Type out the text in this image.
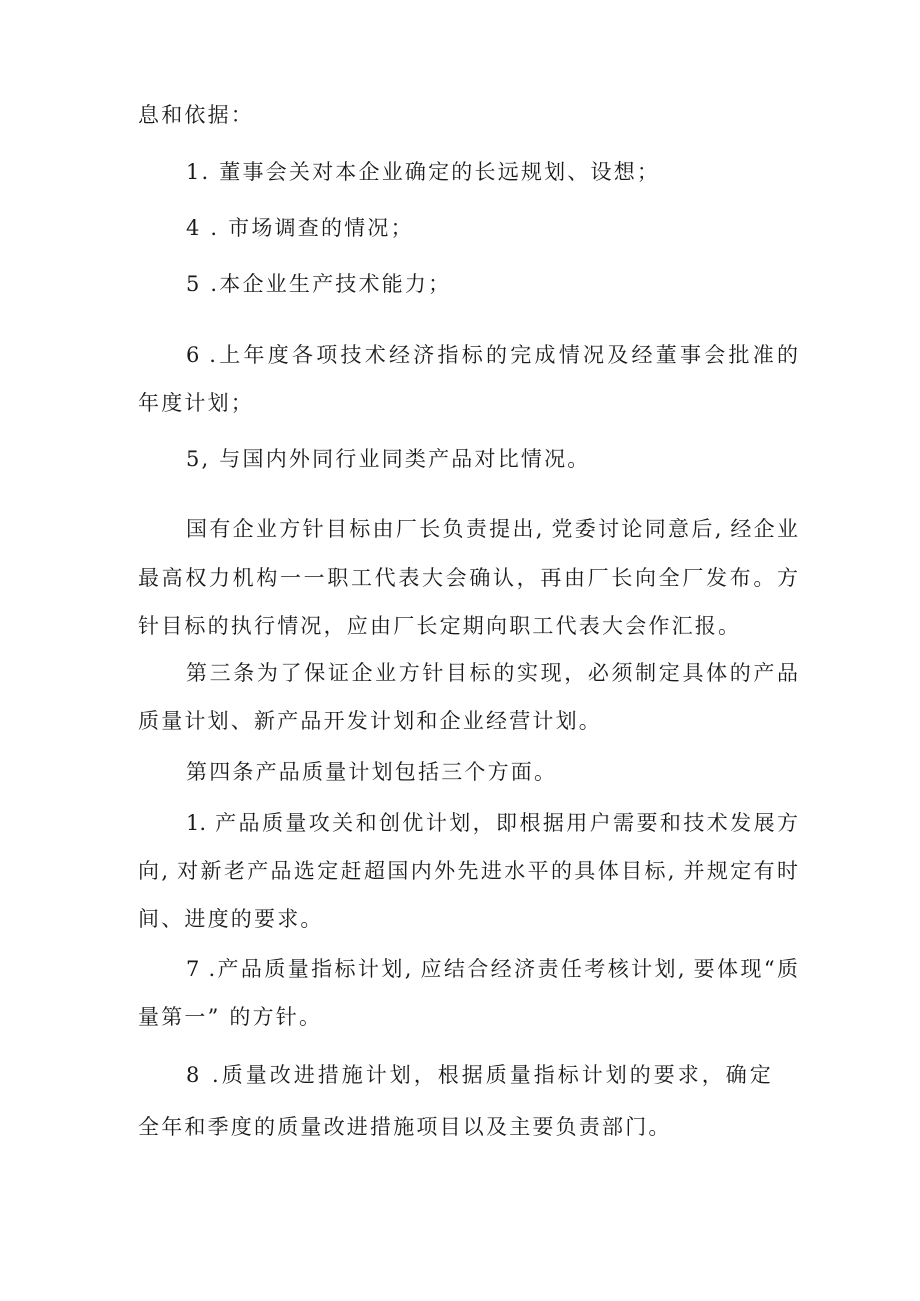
息和依据：
1. 董事会关对本企业确定的长远规划、设想；
4 . 市场调查的情况；
5 .本企业生产技术能力；
6 .上年度各项技术经济指标的完成情况及经董事会批准的
年度计划；
5, 与国内外同行业同类产品对比情况。
国有企业方针目标由厂长负责提出, 党委讨论同意后, 经企业
最高权力机构一一职工代表大会确认，再由厂长向全厂发布。方
针目标的执行情况，应由厂长定期向职工代表大会作汇报。
第三条为了保证企业方针目标的实现，必须制定具体的产品
质量计划、新产品开发计划和企业经营计划。
第四条产品质量计划包括三个方面。
1. 产品质量攻关和创优计划，即根据用户需要和技术发展方
向, 对新老产品选定赶超国内外先进水平的具体目标, 并规定有时
间、进度的要求。
7 .产品质量指标计划, 应结合经济责任考核计划, 要体现“质
量第一” 的方针。
8 .质量改进措施计划，根据质量指标计划的要求，确定
全年和季度的质量改进措施项目以及主要负责部门。
